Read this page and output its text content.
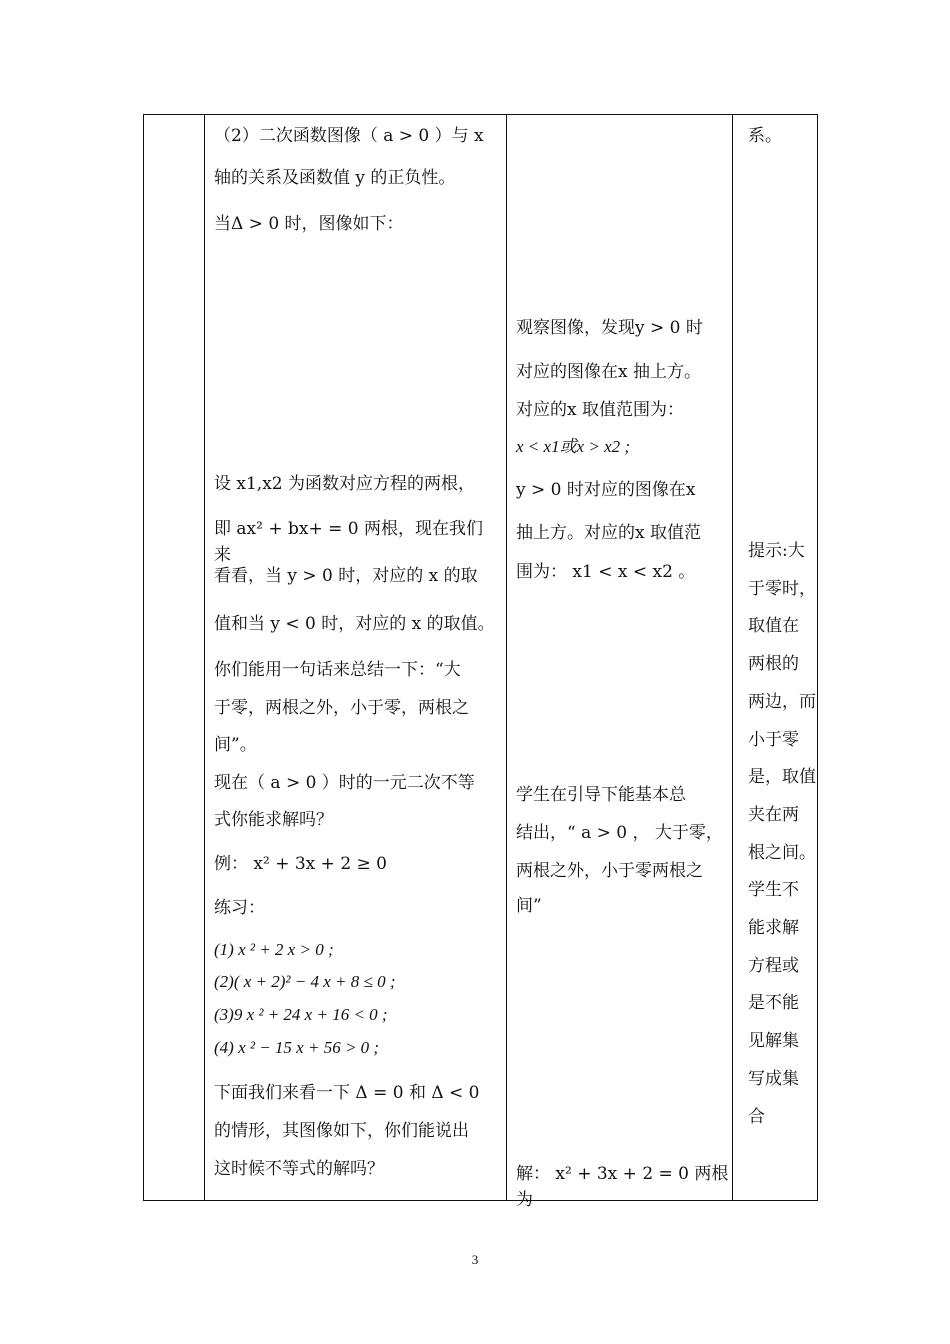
（2）二次函数图像（ a > 0 ）与 x

轴的关系及函数值 y 的正负性。

当Δ > 0 时，图像如下：

设 x1,x2 为函数对应方程的两根，

即 ax² + bx+ = 0 两根，现在我们来

看看，当 y > 0 时，对应的 x 的取

值和当 y < 0 时，对应的 x 的取值。

你们能用一句话来总结一下：“大

于零，两根之外，小于零，两根之

间”。

现在（ a > 0 ）时的一元二次不等

式你能求解吗？

例： x² + 3x + 2 ≥ 0

练习：

(1) x ² + 2 x > 0 ;

(2)( x + 2)² − 4 x + 8 ≤ 0 ;

(3)9 x ² + 24 x + 16 < 0 ;

(4) x ² − 15 x + 56 > 0 ;

下面我们来看一下 Δ = 0 和 Δ < 0

的情形，其图像如下，你们能说出

这时候不等式的解吗？

观察图像，发现y > 0 时

对应的图像在x 抽上方。

对应的x 取值范围为：

x < x1或x > x2 ;

y > 0 时对应的图像在x

抽上方。对应的x 取值范

围为： x1 < x < x2 。

学生在引导下能基本总

结出，“ a > 0 ， 大于零，

两根之外，小于零两根之

间”

解： x² + 3x + 2 = 0 两根为

系。

提示:大
于零时，
取值在
两根的
两边，而
小于零
是，取值
夹在两
根之间。
学生不
能求解
方程或
是不能
见解集
写成集
合
3
